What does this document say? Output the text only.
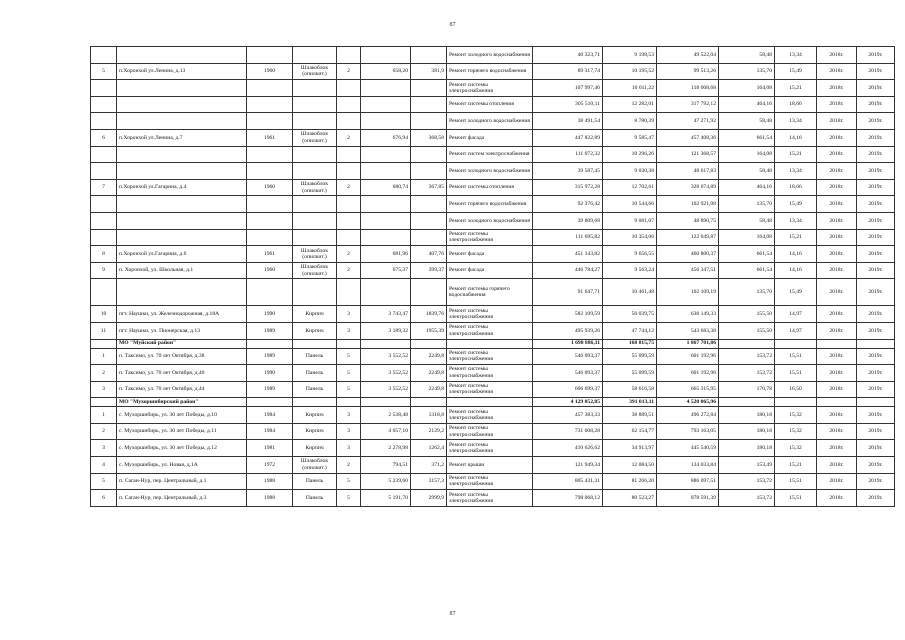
87
							Ремонт холодного водоснабжения	40 323,71	9 198,53	49 522,04	58,48	13,34	2018г.	2019г.
5	п.Хоронхой ул.Ленина, д.13	1960	Шлакоблок (опилкит.)	2	658,20	381,9	Ремонт горячего водоснабжения	89 317,74	10 195,52	99 513,26	135,70	15,49	2018г.	2019г.
							Ремонт системы электроснабжения	107 997,46	10 011,22	118 008,68	164,08	15,21	2018г.	2019г.
							Ремонт системы отопления	305 510,11	12 282,01	317 792,12	464,16	18,66	2018г.	2019г.
							Ремонт холодного водоснабжения	38 491,54	8 780,39	47 271,92	58,48	13,34	2018г.	2019г.
6	п.Хоронхой ул.Ленина, д.7	1961	Шлакоблок (опилкит.)	2	676,94	368,58	Ремонт фасада	447 822,89	9 585,47	457 408,36	661,54	14,16	2018г.	2019г.
							Ремонт систем электроснабжения	111 072,32	10 296,26	121 368,57	164,08	15,21	2018г.	2019г.
							Ремонт холодного водоснабжения	39 587,45	9 030,38	48 617,83	58,48	13,34	2018г.	2019г.
7	п.Хоронхой ул.Гагарина, д.4	1960	Шлакоблок (опилкит.)	2	680,74	367,85	Ремонт системы отопления	315 972,28	12 702,61	328 674,89	464,16	18,66	2018г.	2019г.
							Ремонт горячего водоснабжения	92 376,42	10 544,66	102 921,08	135,70	15,49	2018г.	2019г.
							Ремонт холодного водоснабжения	39 809,68	9 081,07	48 890,75	58,48	13,34	2018г.	2019г.
							Ремонт системы электроснабжения	111 695,82	10 354,06	122 049,87	164,08	15,21	2018г.	2019г.
8	п.Хоронхой ул.Гагарина, д.6	1961	Шлакоблок (опилкит.)	2	681,96	407,76	Ремонт фасада	451 143,82	9 656,55	460 800,37	661,54	14,16	2018г.	2019г.
9	п. Хоронхой, ул. Школьная, д.1	1960	Шлакоблок (опилкит.)	2	675,37	399,37	Ремонт фасада	446 784,27	9 563,24	456 347,51	661,54	14,16	2018г.	2019г.
							Ремонт системы горячего водоснабжения	91 647,71	10 461,48	102 109,19	135,70	15,49	2018г.	2019г.
10	пгт. Наушки, ул. Железнодорожная, д.18А	1990	Кирпич	3	3 743,47	1839,76	Ремонт системы электроснабжения	582 109,59	56 039,75	638 149,33	155,50	14,97	2018г.	2019г.
11	пгт. Наушки, ул. Пионерская, д.13	1989	Кирпич	3	3 189,32	1955,39	Ремонт системы электроснабжения	495 939,26	47 744,12	543 683,38	155,50	14,97	2018г.	2019г.
	МО "Муйский район"							1 698 886,11	168 815,75	1 867 701,86				
1	п. Таксимо, ул. 70 лет Октября, д.38	1989	Панель	5	3 552,52	2249,8	Ремонт системы электроснабжения	546 093,37	55 099,59	601 192,96	153,72	15,51	2018г.	2019г.
2	п. Таксимо, ул. 70 лет Октября, д.40	1990	Панель	5	3 552,52	2249,8	Ремонт системы электроснабжения	546 093,37	55 099,59	601 192,96	153,72	15,51	2018г.	2019г.
3	п. Таксимо, ул. 70 лет Октября, д.44	1989	Панель	5	3 552,52	2249,8	Ремонт системы электроснабжения	606 699,37	58 616,58	665 315,95	170,78	16,50	2018г.	2019г.
	МО "Мухоршибирский район"							4 129 052,85	391 013,11	4 520 065,96				
1	с. Мухоршибирь, ул. 30 лет Победы, д.10	1984	Кирпич	3	2 538,48	1318,8	Ремонт системы электроснабжения	457 383,33	38 889,51	496 272,84	180,18	15,32	2018г.	2019г.
2	с. Мухоршибирь, ул. 30 лет Победы, д.11	1984	Кирпич	3	4 057,10	2129,2	Ремонт системы электроснабжения	731 008,28	62 154,77	793 163,05	180,18	15,32	2018г.	2019г.
3	с. Мухоршибирь, ул. 30 лет Победы, д.12	1981	Кирпич	3	2 278,98	1262,4	Ремонт системы электроснабжения	410 626,62	34 913,97	445 540,59	180,18	15,32	2018г.	2019г.
4	с. Мухоршибирь, ул. Новая, д.1А	1972	Шлакоблок (опилкит.)	2	794,51	371,2	Ремонт крыши	121 949,34	12 084,50	134 033,84	153,49	15,21	2018г.	2019г.
5	п. Саган-Нур, пер. Центральный, д.1	1988	Панель	5	5 239,60	3157,3	Ремонт системы электроснабжения	805 431,31	81 266,20	886 697,51	153,72	15,51	2018г.	2019г.
6	п. Саган-Нур, пер. Центральный, д.3	1988	Панель	5	5 191,70	2999,9	Ремонт системы электроснабжения	798 068,12	80 523,27	878 591,39	153,72	15,51	2018г.	2019г.
87
